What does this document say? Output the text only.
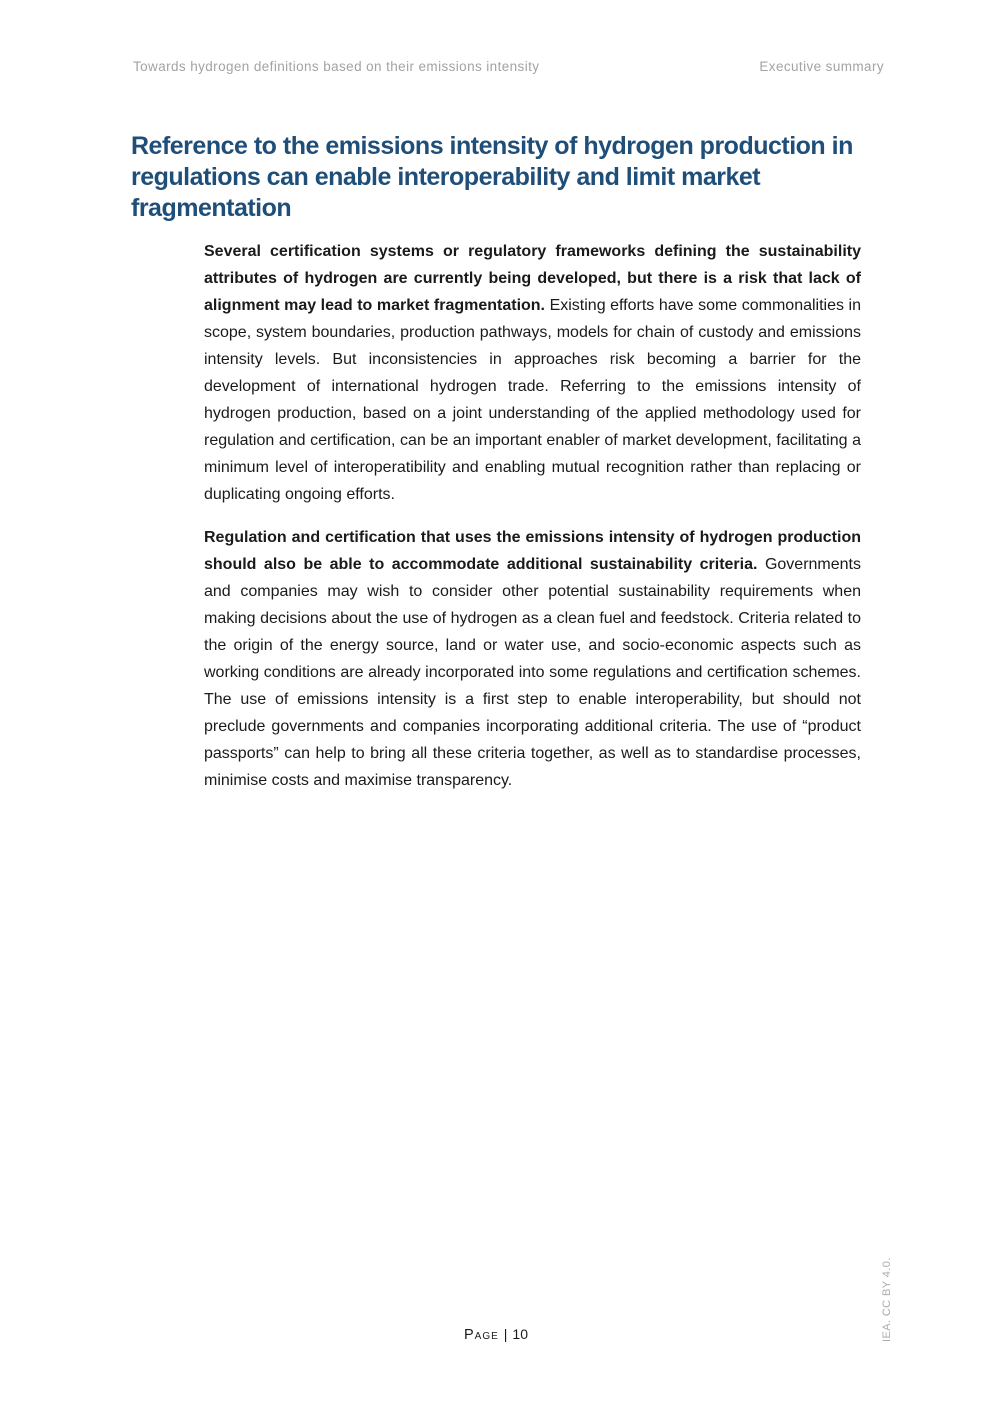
Towards hydrogen definitions based on their emissions intensity	Executive summary
Reference to the emissions intensity of hydrogen production in regulations can enable interoperability and limit market fragmentation

Several certification systems or regulatory frameworks defining the sustainability attributes of hydrogen are currently being developed, but there is a risk that lack of alignment may lead to market fragmentation. Existing efforts have some commonalities in scope, system boundaries, production pathways, models for chain of custody and emissions intensity levels. But inconsistencies in approaches risk becoming a barrier for the development of international hydrogen trade. Referring to the emissions intensity of hydrogen production, based on a joint understanding of the applied methodology used for regulation and certification, can be an important enabler of market development, facilitating a minimum level of interoperatibility and enabling mutual recognition rather than replacing or duplicating ongoing efforts.

Regulation and certification that uses the emissions intensity of hydrogen production should also be able to accommodate additional sustainability criteria. Governments and companies may wish to consider other potential sustainability requirements when making decisions about the use of hydrogen as a clean fuel and feedstock. Criteria related to the origin of the energy source, land or water use, and socio-economic aspects such as working conditions are already incorporated into some regulations and certification schemes. The use of emissions intensity is a first step to enable interoperability, but should not preclude governments and companies incorporating additional criteria. The use of “product passports” can help to bring all these criteria together, as well as to standardise processes, minimise costs and maximise transparency.

Page | 10	IEA. CC BY 4.0.
